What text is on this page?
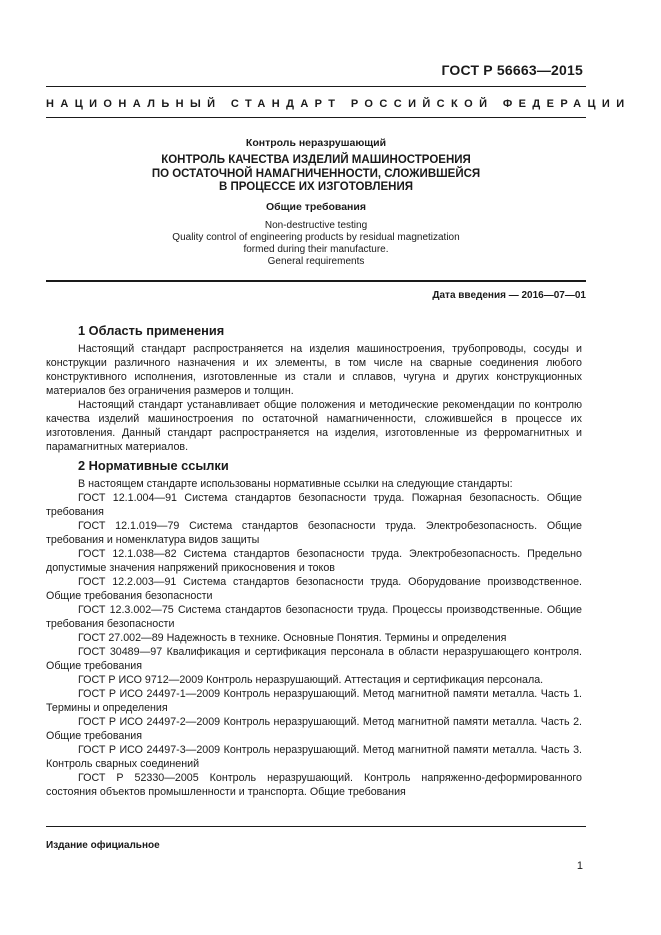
ГОСТ Р 56663—2015
НАЦИОНАЛЬНЫЙ СТАНДАРТ РОССИЙСКОЙ ФЕДЕРАЦИИ
Контроль неразрушающий
КОНТРОЛЬ КАЧЕСТВА ИЗДЕЛИЙ МАШИНОСТРОЕНИЯ
ПО ОСТАТОЧНОЙ НАМАГНИЧЕННОСТИ, СЛОЖИВШЕЙСЯ
В ПРОЦЕССЕ ИХ ИЗГОТОВЛЕНИЯ
Общие требования
Non-destructive testing
Quality control of engineering products by residual magnetization
formed during their manufacture.
General requirements
Дата введения — 2016—07—01
1 Область применения

Настоящий стандарт распространяется на изделия машиностроения, трубопроводы, сосуды и конструкции различного назначения и их элементы, в том числе на сварные соединения любого конструктивного исполнения, изготовленные из стали и сплавов, чугуна и других конструкционных материалов без ограничения размеров и толщин.

Настоящий стандарт устанавливает общие положения и методические рекомендации по контролю качества изделий машиностроения по остаточной намагниченности, сложившейся в процессе их изготовления. Данный стандарт распространяется на изделия, изготовленные из ферромагнитных и парамагнитных материалов.

2 Нормативные ссылки

В настоящем стандарте использованы нормативные ссылки на следующие стандарты:

ГОСТ 12.1.004—91 Система стандартов безопасности труда. Пожарная безопасность. Общие требования

ГОСТ 12.1.019—79 Система стандартов безопасности труда. Электробезопасность. Общие требования и номенклатура видов защиты

ГОСТ 12.1.038—82 Система стандартов безопасности труда. Электробезопасность. Предельно допустимые значения напряжений прикосновения и токов

ГОСТ 12.2.003—91 Система стандартов безопасности труда. Оборудование производственное. Общие требования безопасности

ГОСТ 12.3.002—75 Система стандартов безопасности труда. Процессы производственные. Общие требования безопасности

ГОСТ 27.002—89 Надежность в технике. Основные Понятия. Термины и определения

ГОСТ 30489—97 Квалификация и сертификация персонала в области неразрушающего контроля. Общие требования

ГОСТ Р ИСО 9712—2009 Контроль неразрушающий. Аттестация и сертификация персонала.

ГОСТ Р ИСО 24497-1—2009 Контроль неразрушающий. Метод магнитной памяти металла. Часть 1. Термины и определения

ГОСТ Р ИСО 24497-2—2009 Контроль неразрушающий. Метод магнитной памяти металла. Часть 2. Общие требования

ГОСТ Р ИСО 24497-3—2009 Контроль неразрушающий. Метод магнитной памяти металла. Часть 3. Контроль сварных соединений

ГОСТ Р 52330—2005 Контроль неразрушающий. Контроль напряженно-деформированного состояния объектов промышленности и транспорта. Общие требования

Издание официальное
1
